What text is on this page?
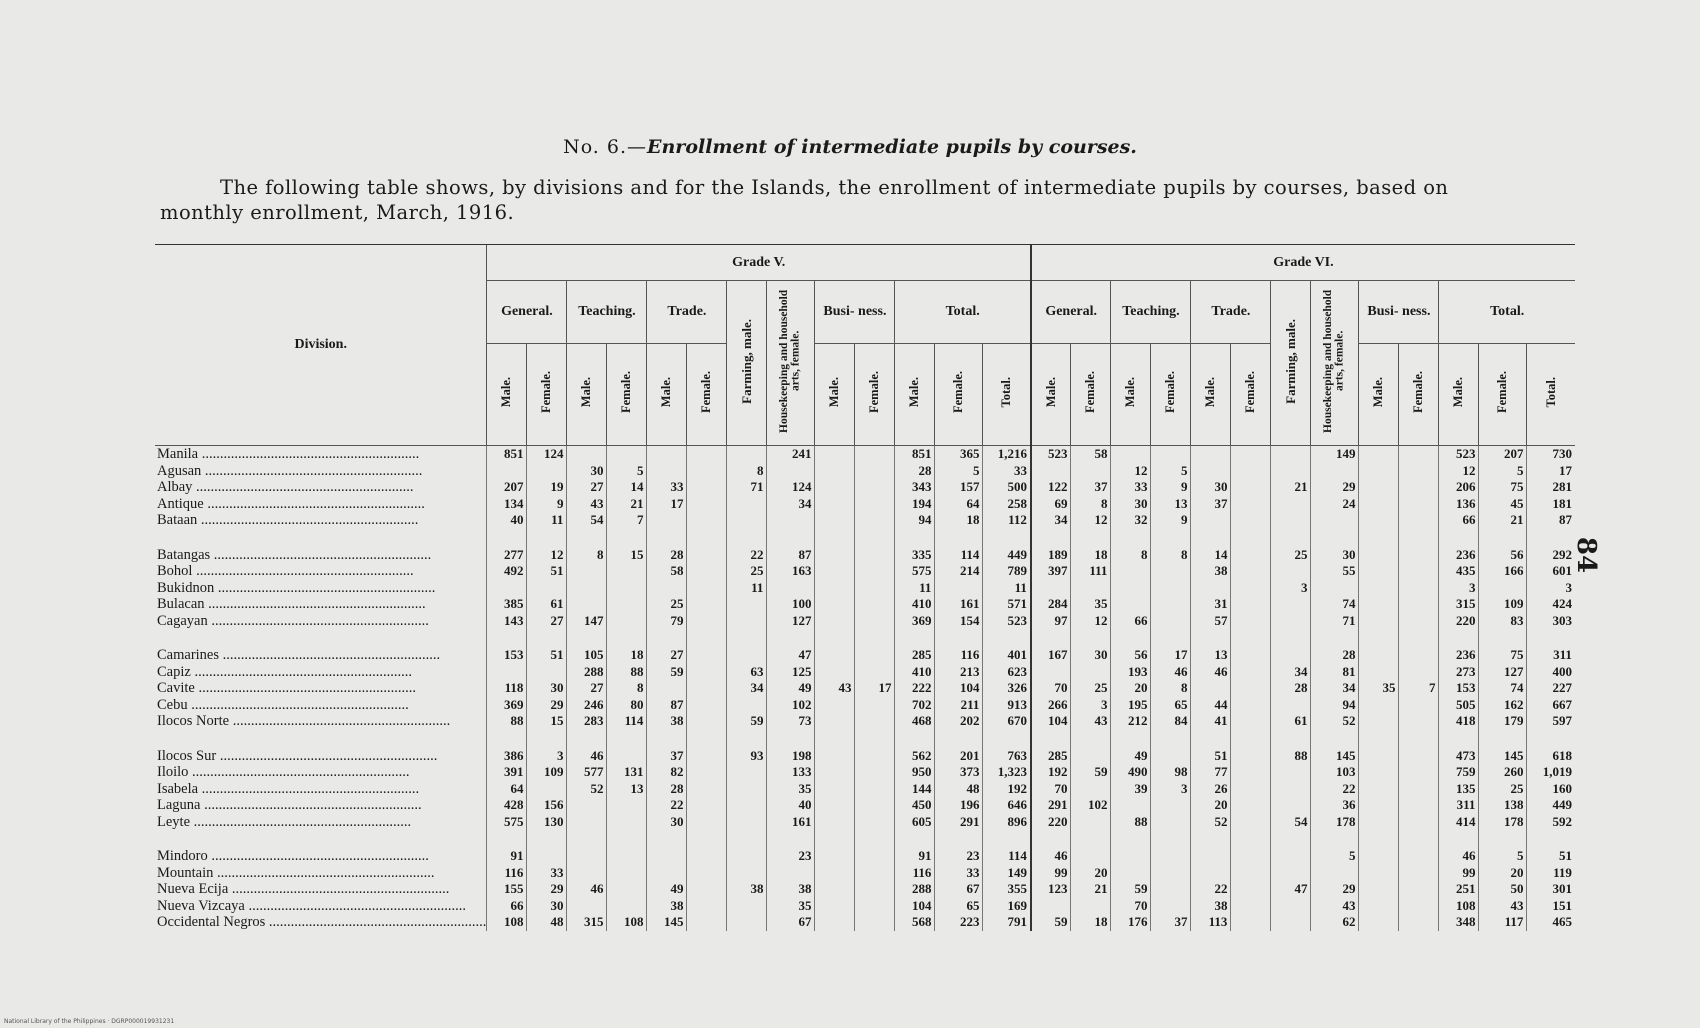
No. 6.—Enrollment of intermediate pupils by courses.
The following table shows, by divisions and for the Islands, the enrollment of intermediate pupils by courses, based on monthly enrollment, March, 1916.
Division.	Grade V.													Grade VI.												
	General.		Teaching.		Trade.		Farming, male.	Housekeeping and household arts, female.	Busi- ness.		Total.			General.		Teaching.		Trade.		Farming, male.	Housekeeping and household arts, female.	Busi- ness.		Total.		
	Male.	Female.	Male.	Female.	Male.	Female.			Male.	Female.	Male.	Female.	Total.	Male.	Female.	Male.	Female.	Male.	Female.			Male.	Female.	Male.	Female.	Total.
Manila ............................................................	851	124						241			851	365	1,216	523	58						149			523	207	730
Agusan ............................................................			30	5			8				28	5	33			12	5							12	5	17
Albay ............................................................	207	19	27	14	33		71	124			343	157	500	122	37	33	9	30		21	29			206	75	281
Antique ............................................................	134	9	43	21	17			34			194	64	258	69	8	30	13	37			24			136	45	181
Bataan ............................................................	40	11	54	7							94	18	112	34	12	32	9							66	21	87

Batangas ............................................................	277	12	8	15	28		22	87			335	114	449	189	18	8	8	14		25	30			236	56	292
Bohol ............................................................	492	51			58		25	163			575	214	789	397	111			38			55			435	166	601
Bukidnon ............................................................							11				11		11							3				3		3
Bulacan ............................................................	385	61			25			100			410	161	571	284	35			31			74			315	109	424
Cagayan ............................................................	143	27	147		79			127			369	154	523	97	12	66		57			71			220	83	303

Camarines ............................................................	153	51	105	18	27			47			285	116	401	167	30	56	17	13			28			236	75	311
Capiz ............................................................			288	88	59		63	125			410	213	623			193	46	46		34	81			273	127	400
Cavite ............................................................	118	30	27	8			34	49	43	17	222	104	326	70	25	20	8			28	34	35	7	153	74	227
Cebu ............................................................	369	29	246	80	87			102			702	211	913	266	3	195	65	44			94			505	162	667
Ilocos Norte ............................................................	88	15	283	114	38		59	73			468	202	670	104	43	212	84	41		61	52			418	179	597

Ilocos Sur ............................................................	386	3	46		37		93	198			562	201	763	285		49		51		88	145			473	145	618
Iloilo ............................................................	391	109	577	131	82			133			950	373	1,323	192	59	490	98	77			103			759	260	1,019
Isabela ............................................................	64		52	13	28			35			144	48	192	70		39	3	26			22			135	25	160
Laguna ............................................................	428	156			22			40			450	196	646	291	102			20			36			311	138	449
Leyte ............................................................	575	130			30			161			605	291	896	220		88		52		54	178			414	178	592

Mindoro ............................................................	91							23			91	23	114	46							5			46	5	51
Mountain ............................................................	116	33									116	33	149	99	20									99	20	119
Nueva Ecija ............................................................	155	29	46		49		38	38			288	67	355	123	21	59		22		47	29			251	50	301
Nueva Vizcaya ............................................................	66	30			38			35			104	65	169			70		38			43			108	43	151
Occidental Negros ............................................................	108	48	315	108	145			67			568	223	791	59	18	176	37	113			62			348	117	465
84
National Library of the Philippines · DGRP000019931231
